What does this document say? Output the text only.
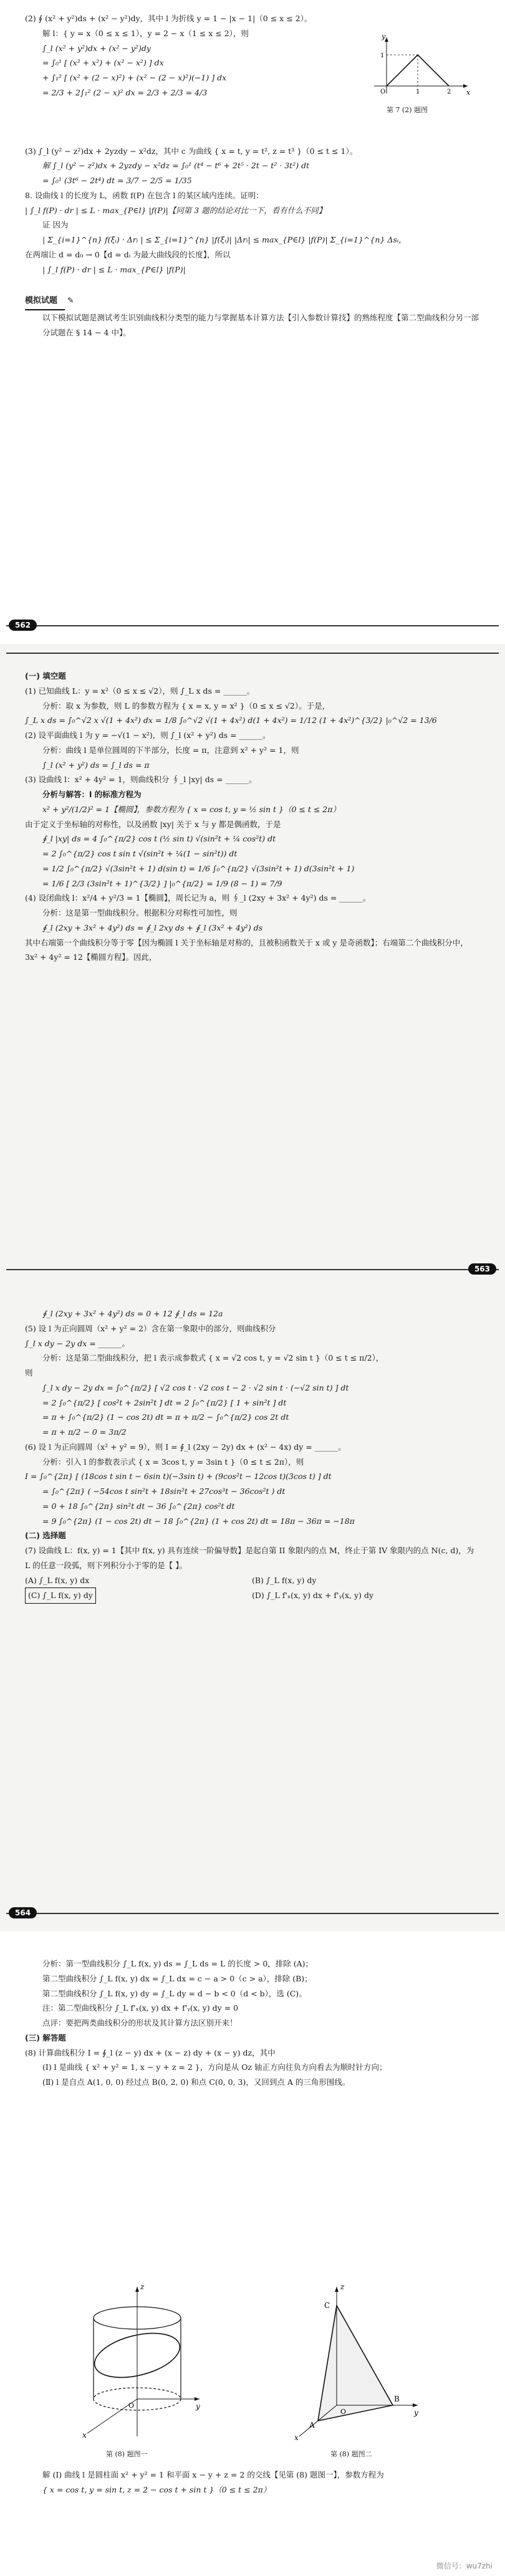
(2) ∮ (x² + y²)ds + (x² − y²)dy，其中 l 为折线 y = 1 − |x − 1|（0 ≤ x ≤ 2）。
解 l：{ y = x（0 ≤ x ≤ 1），y = 2 − x（1 ≤ x ≤ 2），则
∫_l (x² + y²)dx + (x² − y²)dy
= ∫₀¹ [ (x² + x²) + (x² − x²) ] dx
+ ∫₁² [ (x² + (2 − x)²) + (x² − (2 − x)²)(−1) ] dx
= 2/3 + 2∫₁² (2 − x)² dx = 2/3 + 2/3 = 4/3
(3) ∫_l (y² − z²)dx + 2yzdy − x²dz，其中 c 为曲线 { x = t, y = t², z = t³ }（0 ≤ t ≤ 1）。
解 ∫_l (y² − z²)dx + 2yzdy − x²dz = ∫₀¹ (t⁴ − t⁶ + 2t⁵ · 2t − t² · 3t²) dt
= ∫₀¹ (3t⁶ − 2t⁴) dt = 3/7 − 2/5 = 1/35
8. 设曲线 l 的长度为 L，函数 f(P) 在包含 l 的某区域内连续。证明：
| ∫_l f(P) · dr | ≤ L · max_{P∈l} |f(P)|【同第 3 题的结论对比一下，看有什么不同】
证 因为
| Σ_{i=1}^{n} f(ξᵢ) · Δrᵢ | ≤ Σ_{i=1}^{n} |f(ξᵢ)| |Δrᵢ| ≤ max_{P∈l} |f(P)| Σ_{i=1}^{n} Δsᵢ，
在两端让 d = d₀ → 0【d = dᵢ 为最大曲线段的长度】，所以
| ∫_l f(P) · dr | ≤ L · max_{P∈l} |f(P)|
模拟试题 ✎
以下模拟试题是测试考生识别曲线积分类型的能力与掌握基本计算方法【引入参数计算技】的熟练程度【第二型曲线积分另一部分试题在 § 14 − 4 中】。
y
x
O	1	2
1
第 7 (2) 题图
562
(一) 填空题
(1) 已知曲线 L：y = x²（0 ≤ x ≤ √2），则 ∫_L x ds = ______。
分析：取 x 为参数，则 L 的参数方程为 { x = x, y = x² }（0 ≤ x ≤ √2）。于是，
∫_L x ds = ∫₀^√2 x √(1 + 4x²) dx = 1/8 ∫₀^√2 √(1 + 4x²) d(1 + 4x²) = 1/12 (1 + 4x²)^{3/2} |₀^√2 = 13/6
(2) 设平面曲线 l 为 y = −√(1 − x²)，则 ∫_l (x² + y²) ds = ______。
分析：曲线 l 是单位圆周的下半部分，长度 = π，注意到 x² + y² = 1，则
∫_l (x² + y²) ds = ∫_l ds = π
(3) 设曲线 l：x² + 4y² = 1，则曲线积分 ∮_l |xy| ds = ______。
分析与解答：l 的标准方程为
x² + y²/(1/2)² = 1【椭圆】，参数方程为 { x = cos t, y = ½ sin t }（0 ≤ t ≤ 2π）
由于定义于坐标轴的对称性，以及函数 |xy| 关于 x 与 y 都是偶函数，于是
∮_l |xy| ds = 4 ∫₀^{π/2} cos t (½ sin t) √(sin²t + ¼ cos²t) dt
= 2 ∫₀^{π/2} cos t sin t √(sin²t + ¼(1 − sin²t)) dt
= 1/2 ∫₀^{π/2} √(3sin²t + 1) d(sin t) = 1/6 ∫₀^{π/2} √(3sin²t + 1) d(3sin²t + 1)
= 1/6 [ 2/3 (3sin²t + 1)^{3/2} ] |₀^{π/2} = 1/9 (8 − 1) = 7/9
(4) 设闭曲线 l：x²/4 + y²/3 = 1【椭圆】，周长记为 a，则 ∮_l (2xy + 3x² + 4y²) ds = ______。
分析：这是第一型曲线积分。根据积分对称性可加性，则
∮_l (2xy + 3x² + 4y²) ds = ∮_l 2xy ds + ∮_l (3x² + 4y²) ds
其中右端第一个曲线积分等于零【因为椭圆 l 关于坐标轴是对称的，且被积函数关于 x 或 y 是奇函数】；右端第二个曲线积分中，3x² + 4y² = 12【椭圆方程】。因此，
563
∮_l (2xy + 3x² + 4y²) ds = 0 + 12 ∮_l ds = 12a
(5) 设 l 为正向圆周（x² + y² = 2）含在第一象限中的部分，则曲线积分
∫_l x dy − 2y dx = ______。
分析：这是第二型曲线积分，把 l 表示成参数式 { x = √2 cos t, y = √2 sin t }（0 ≤ t ≤ π/2），
则
∫_l x dy − 2y dx = ∫₀^{π/2} [ √2 cos t · √2 cos t − 2 · √2 sin t · (−√2 sin t) ] dt
= 2 ∫₀^{π/2} [ cos²t + 2sin²t ] dt = 2 ∫₀^{π/2} [ 1 + sin²t ] dt
= π + ∫₀^{π/2} (1 − cos 2t) dt = π + π/2 − ∫₀^{π/2} cos 2t dt
= π + π/2 − 0 = 3π/2
(6) 设 l 为正向圆周（x² + y² = 9），则 I = ∮_l (2xy − 2y) dx + (x² − 4x) dy = ______。
分析：引入 l 的参数表示式 { x = 3cos t, y = 3sin t }（0 ≤ t ≤ 2π），则
I = ∫₀^{2π} [ (18cos t sin t − 6sin t)(−3sin t) + (9cos²t − 12cos t)(3cos t) ] dt
= ∫₀^{2π} ( −54cos t sin²t + 18sin²t + 27cos³t − 36cos²t ) dt
= 0 + 18 ∫₀^{2π} sin²t dt − 36 ∫₀^{2π} cos²t dt
= 9 ∫₀^{2π} (1 − cos 2t) dt − 18 ∫₀^{2π} (1 + cos 2t) dt = 18π − 36π = −18π
(二) 选择题
(7) 设曲线 L：f(x, y) = 1【其中 f(x, y) 具有连续一阶偏导数】是起自第 II 象限内的点 M，终止于第 IV 象限内的点 N(c, d)，为 L 的任意一段弧，则下列积分小于零的是【 】。
(A) ∫_L f(x, y) dx	(B) ∫_L f(x, y) dy
(C) ∫_L f(x, y) dy	(D) ∫_L f'ₓ(x, y) dx + f'ᵧ(x, y) dy
564
分析：第一型曲线积分 ∫_L f(x, y) ds = ∫_L ds = L 的长度 > 0，排除 (A)；
第二型曲线积分 ∫_L f(x, y) dx = ∫_L dx = c − a > 0（c > a），排除 (B)；
第二型曲线积分 ∫_L f(x, y) dy = ∫_L dy = d − b < 0（d < b），选 (C)。
注：第二型曲线积分 ∫_L f'ₓ(x, y) dx + f'ᵧ(x, y) dy = 0
点评：要把两类曲线积分的形状及其计算方法区别开来！
(三) 解答题
(8) 计算曲线积分 I = ∮_l (z − y) dx + (x − z) dy + (x − y) dz，其中
(Ⅰ) l 是曲线 { x² + y² = 1, x − y + z = 2 }，方向是从 Oz 轴正方向往负方向看去为顺时针方向；
(Ⅱ) l 是自点 A(1, 0, 0) 经过点 B(0, 2, 0) 和点 C(0, 0, 3)，又回到点 A 的三角形围线。
z
y
x
O
第 (8) 题图一
z
y
x
O
C
B
A
第 (8) 题图二
解 (Ⅰ) 曲线 l 是圆柱面 x² + y² = 1 和平面 x − y + z = 2 的交线【见第 (8) 题图一】，参数方程为
{ x = cos t, y = sin t, z = 2 − cos t + sin t }（0 ≤ t ≤ 2π）
微信号：wu7zhi
